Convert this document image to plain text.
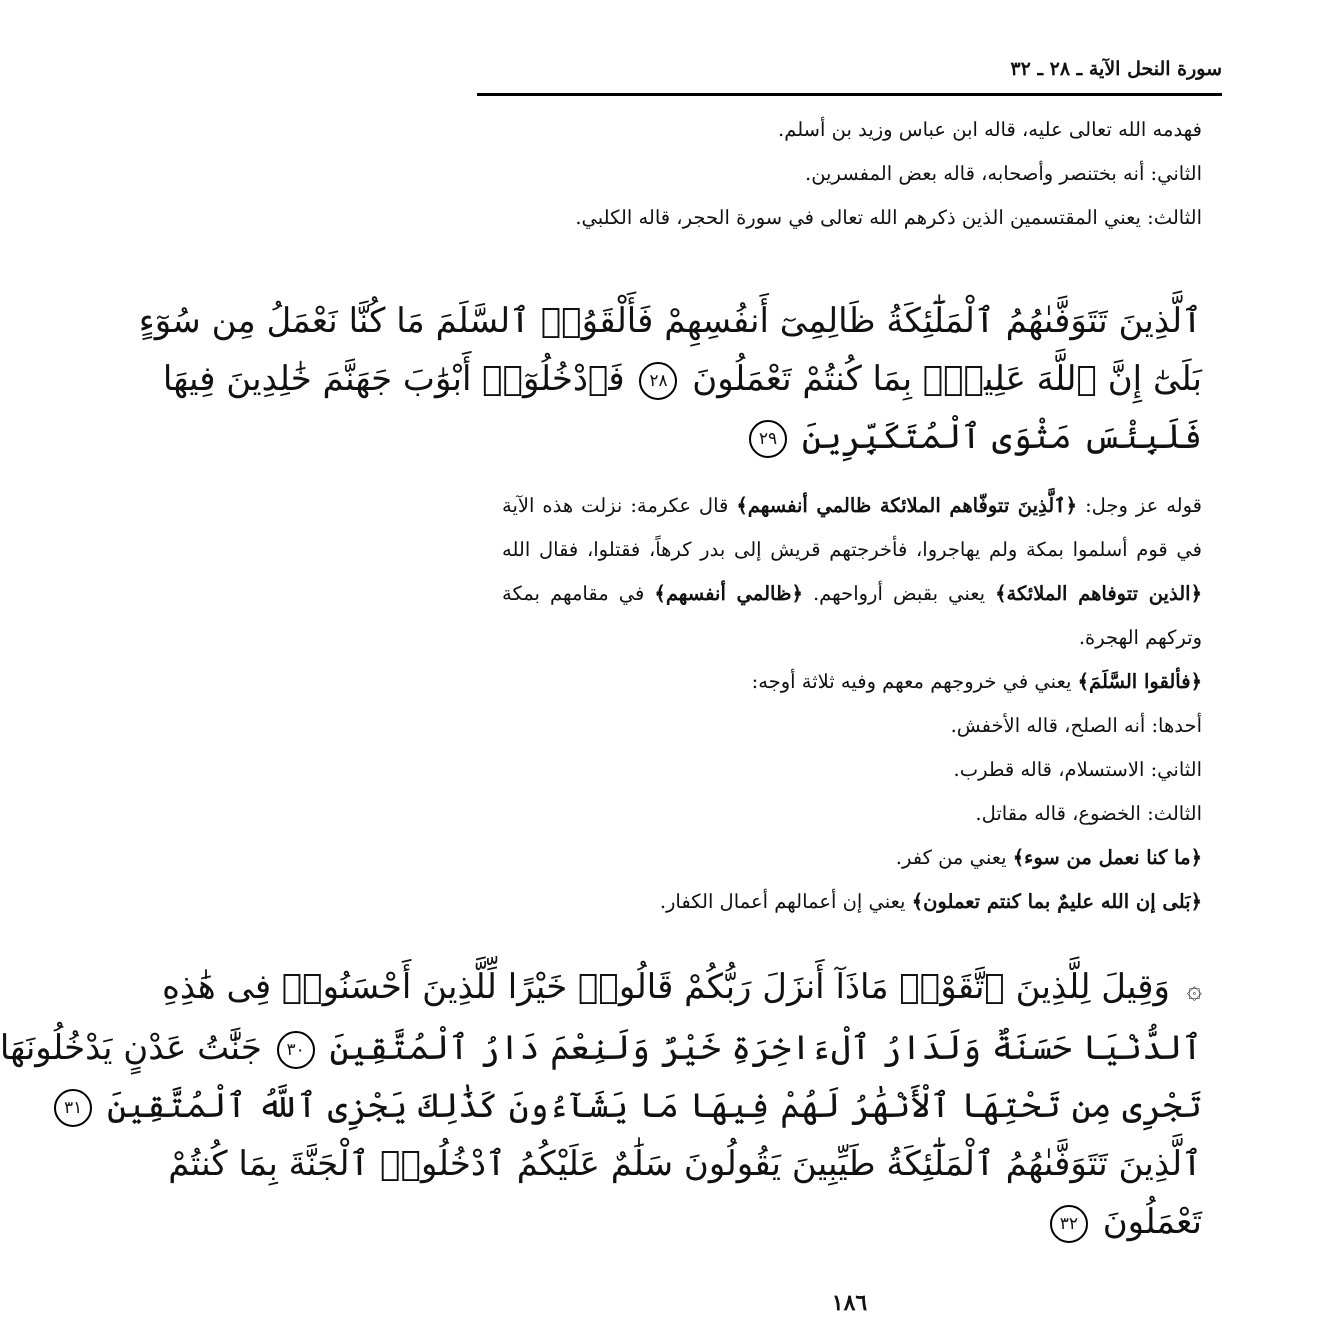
سورة النحل الآية ـ ٢٨ ـ ٣٢

فهدمه الله تعالى عليه، قاله ابن عباس وزيد بن أسلم.

الثاني: أنه بختنصر وأصحابه، قاله بعض المفسرين.

الثالث: يعني المقتسمين الذين ذكرهم الله تعالى في سورة الحجر، قاله الكلبي.

ٱلَّذِينَ تَتَوَفَّىٰهُمُ ٱلْمَلَٰٓئِكَةُ ظَالِمِىٓ أَنفُسِهِمْ فَأَلْقَوُا۟ ٱلسَّلَمَ مَا كُنَّا نَعْمَلُ مِن سُوٓءٍ
بَلَىٰٓ إِنَّ ٱللَّهَ عَلِيمٌۢ بِمَا كُنتُمْ تَعْمَلُونَ ٢٨ فَٱدْخُلُوٓا۟ أَبْوَٰبَ جَهَنَّمَ خَٰلِدِينَ فِيهَا
فَلَبِئْسَ مَثْوَى ٱلْمُتَكَبِّرِينَ ٢٩

قوله عز وجل: ﴿ٱلَّذِينَ تتوفّاهم الملائكة ظالمي أنفسهم﴾ قال عكرمة: نزلت هذه الآية في قوم أسلموا بمكة ولم يهاجروا، فأخرجتهم قريش إلى بدر كرهاً، فقتلوا، فقال الله ﴿الذين تتوفاهم الملائكة﴾ يعني بقبض أرواحهم. ﴿ظالمي أنفسهم﴾ في مقامهم بمكة وتركهم الهجرة.

﴿فألقوا السَّلَمَ﴾ يعني في خروجهم معهم وفيه ثلاثة أوجه:

أحدها: أنه الصلح، قاله الأخفش.

الثاني: الاستسلام، قاله قطرب.

الثالث: الخضوع، قاله مقاتل.

﴿ما كنا نعمل من سوء﴾ يعني من كفر.

﴿بَلى إن الله عليمٌ بما كنتم تعملون﴾ يعني إن أعمالهم أعمال الكفار.

۞ وَقِيلَ لِلَّذِينَ ٱتَّقَوْا۟ مَاذَآ أَنزَلَ رَبُّكُمْ قَالُوا۟ خَيْرًا لِّلَّذِينَ أَحْسَنُوا۟ فِى هَٰذِهِ
ٱلدُّنْيَا حَسَنَةٌ وَلَدَارُ ٱلْءَاخِرَةِ خَيْرٌ وَلَنِعْمَ دَارُ ٱلْمُتَّقِينَ ٣٠ جَنَّٰتُ عَدْنٍ يَدْخُلُونَهَا
تَجْرِى مِن تَحْتِهَا ٱلْأَنْهَٰرُ لَهُمْ فِيهَا مَا يَشَآءُونَ كَذَٰلِكَ يَجْزِى ٱللَّهُ ٱلْمُتَّقِينَ ٣١
ٱلَّذِينَ تَتَوَفَّىٰهُمُ ٱلْمَلَٰٓئِكَةُ طَيِّبِينَ يَقُولُونَ سَلَٰمٌ عَلَيْكُمُ ٱدْخُلُوا۟ ٱلْجَنَّةَ بِمَا كُنتُمْ
تَعْمَلُونَ ٣٢
١٨٦
